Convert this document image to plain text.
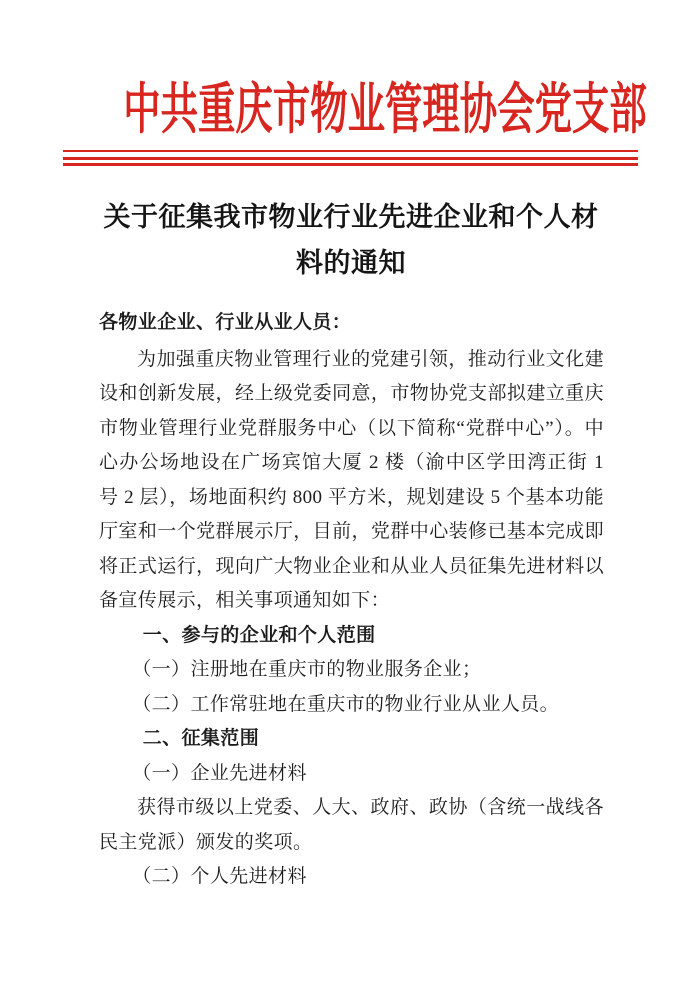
中共重庆市物业管理协会党支部
关于征集我市物业行业先进企业和个人材
料的通知

各物业企业、行业从业人员：

为加强重庆物业管理行业的党建引领，推动行业文化建设和创新发展，经上级党委同意，市物协党支部拟建立重庆市物业管理行业党群服务中心（以下简称“党群中心”）。中心办公场地设在广场宾馆大厦 2 楼（渝中区学田湾正街 1 号 2 层），场地面积约 800 平方米，规划建设 5 个基本功能厅室和一个党群展示厅，目前，党群中心装修已基本完成即将正式运行，现向广大物业企业和从业人员征集先进材料以备宣传展示，相关事项通知如下：

一、参与的企业和个人范围

（一）注册地在重庆市的物业服务企业；

（二）工作常驻地在重庆市的物业行业从业人员。

二、征集范围

（一）企业先进材料

获得市级以上党委、人大、政府、政协（含统一战线各民主党派）颁发的奖项。

（二）个人先进材料
